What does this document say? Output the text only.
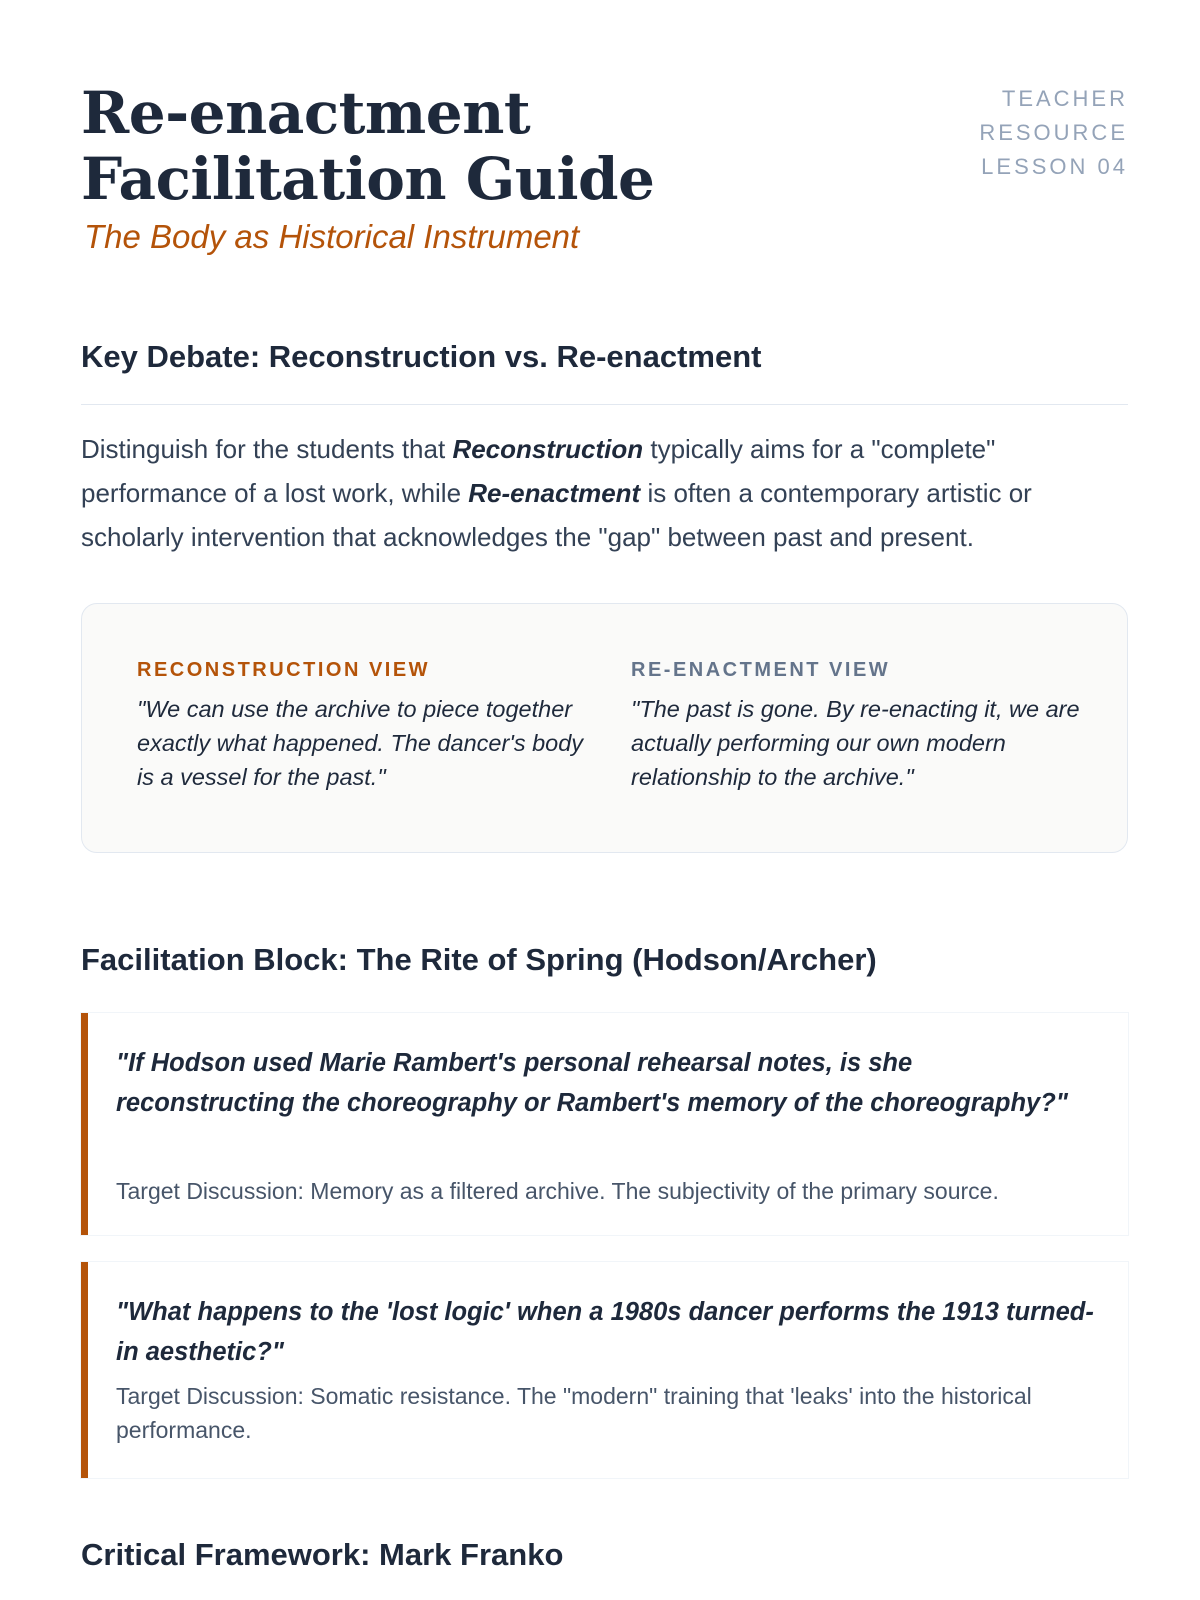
Re-enactment Facilitation Guide

The Body as Historical Instrument

TEACHER
RESOURCE
LESSON 04
Key Debate: Reconstruction vs. Re-enactment

Distinguish for the students that Reconstruction typically aims for a "complete" performance of a lost work, while Re-enactment is often a contemporary artistic or scholarly intervention that acknowledges the "gap" between past and present.

RECONSTRUCTION VIEW

"We can use the archive to piece together exactly what happened. The dancer's body is a vessel for the past."

RE-ENACTMENT VIEW

"The past is gone. By re-enacting it, we are actually performing our own modern relationship to the archive."

Facilitation Block: The Rite of Spring (Hodson/Archer)

"If Hodson used Marie Rambert's personal rehearsal notes, is she reconstructing the choreography or Rambert's memory of the choreography?"

Target Discussion: Memory as a filtered archive. The subjectivity of the primary source.

"What happens to the 'lost logic' when a 1980s dancer performs the 1913 turned-in aesthetic?"

Target Discussion: Somatic resistance. The "modern" training that 'leaks' into the historical performance.

Critical Framework: Mark Franko
